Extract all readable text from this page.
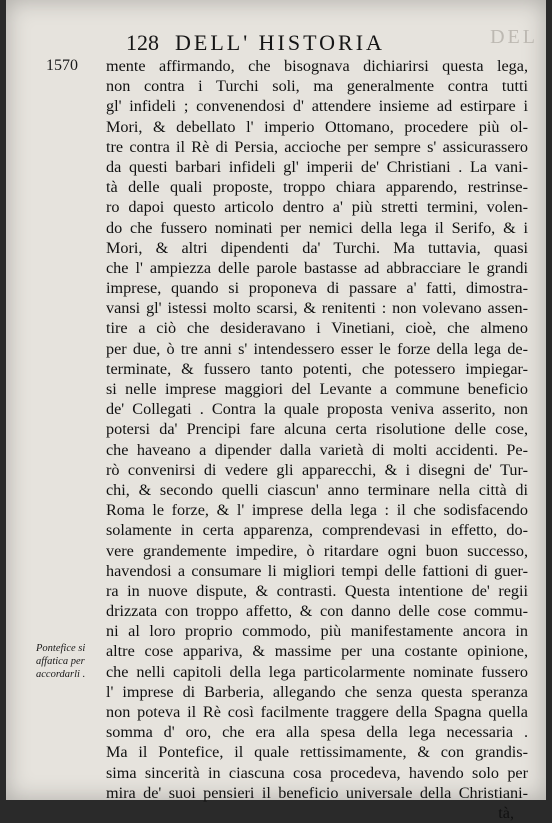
DEL
128 DELL' HISTORIA
1570 mente affirmando, che bisognava dichiarirsi questa lega,
non contra i Turchi soli, ma generalmente contra tutti
gl' infideli ; convenendosi d' attendere insieme ad estirpare i
Mori, & debellato l' imperio Ottomano, procedere più ol-
tre contra il Rè di Persia, accioche per sempre s' assicurassero
da questi barbari infideli gl' imperii de' Christiani . La vani-
tà delle quali proposte, troppo chiara apparendo, restrinse-
ro dapoi questo articolo dentro a' più stretti termini, volen-
do che fussero nominati per nemici della lega il Serifo, & i
Mori, & altri dipendenti da' Turchi. Ma tuttavia, quasi
che l' ampiezza delle parole bastasse ad abbracciare le grandi
imprese, quando si proponeva di passare a' fatti, dimostra-
vansi gl' istessi molto scarsi, & renitenti : non volevano assen-
tire a ciò che desideravano i Vinetiani, cioè, che almeno
per due, ò tre anni s' intendessero esser le forze della lega de-
terminate, & fussero tanto potenti, che potessero impiegar-
si nelle imprese maggiori del Levante a commune beneficio
de' Collegati . Contra la quale proposta veniva asserito, non
potersi da' Prencipi fare alcuna certa risolutione delle cose,
che haveano a dipender dalla varietà di molti accidenti. Pe-
rò convenirsi di vedere gli apparecchi, & i disegni de' Tur-
chi, & secondo quelli ciascun' anno terminare nella città di
Roma le forze, & l' imprese della lega : il che sodisfacendo
solamente in certa apparenza, comprendevasi in effetto, do-
vere grandemente impedire, ò ritardare ogni buon successo,
havendosi a consumare li migliori tempi delle fattioni di guer-
ra in nuove dispute, & contrasti. Questa intentione de' regii
drizzata con troppo affetto, & con danno delle cose commu-
ni al loro proprio commodo, più manifestamente ancora in
altre cose appariva, & massime per una costante opinione,
che nelli capitoli della lega particolarmente nominate fussero
l' imprese di Barberia, allegando che senza questa speranza
non poteva il Rè così facilmente traggere della Spagna quella
somma d' oro, che era alla spesa della lega necessaria .
Ma il Pontefice, il quale rettissimamente, & con grandis-
sima sincerità in ciascuna cosa procedeva, havendo solo per
mira de' suoi pensieri il beneficio universale della Christiani-
tà,
Pontefice si
affatica per
accordarli .
